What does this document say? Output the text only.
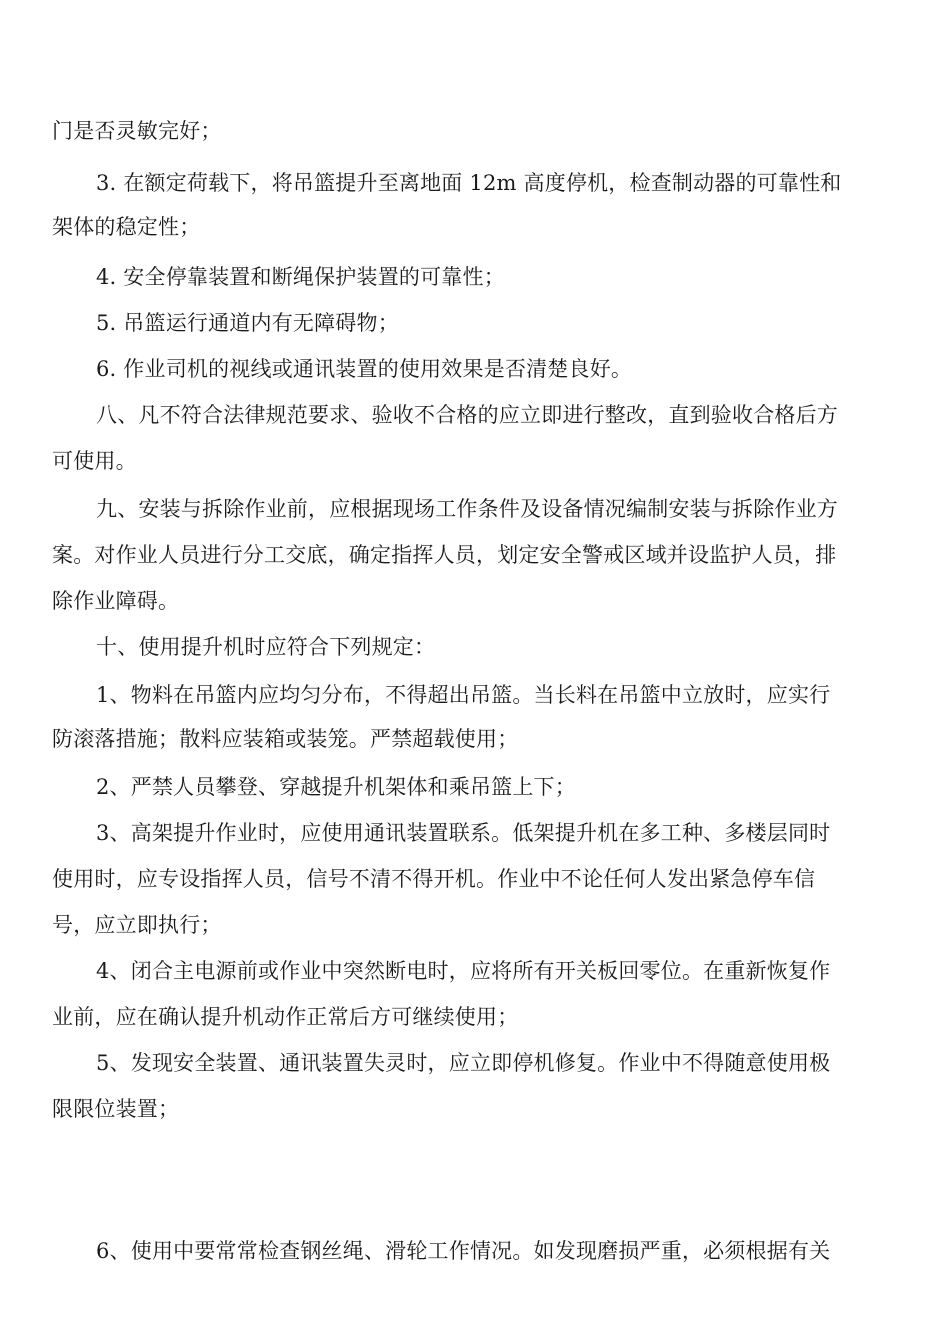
门是否灵敏完好；
3. 在额定荷载下，将吊篮提升至离地面 12m 高度停机，检查制动器的可靠性和
架体的稳定性；
4. 安全停靠装置和断绳保护装置的可靠性；
5. 吊篮运行通道内有无障碍物；
6. 作业司机的视线或通讯装置的使用效果是否清楚良好。
八、凡不符合法律规范要求、验收不合格的应立即进行整改，直到验收合格后方
可使用。
九、安装与拆除作业前，应根据现场工作条件及设备情况编制安装与拆除作业方
案。对作业人员进行分工交底，确定指挥人员，划定安全警戒区域并设监护人员，排
除作业障碍。
十、使用提升机时应符合下列规定：
1、物料在吊篮内应均匀分布，不得超出吊篮。当长料在吊篮中立放时，应实行
防滚落措施；散料应装箱或装笼。严禁超载使用；
2、严禁人员攀登、穿越提升机架体和乘吊篮上下；
3、高架提升作业时，应使用通讯装置联系。低架提升机在多工种、多楼层同时
使用时，应专设指挥人员，信号不清不得开机。作业中不论任何人发出紧急停车信
号，应立即执行；
4、闭合主电源前或作业中突然断电时，应将所有开关板回零位。在重新恢复作
业前，应在确认提升机动作正常后方可继续使用；
5、发现安全装置、通讯装置失灵时，应立即停机修复。作业中不得随意使用极
限限位装置；
6、使用中要常常检查钢丝绳、滑轮工作情况。如发现磨损严重，必须根据有关
